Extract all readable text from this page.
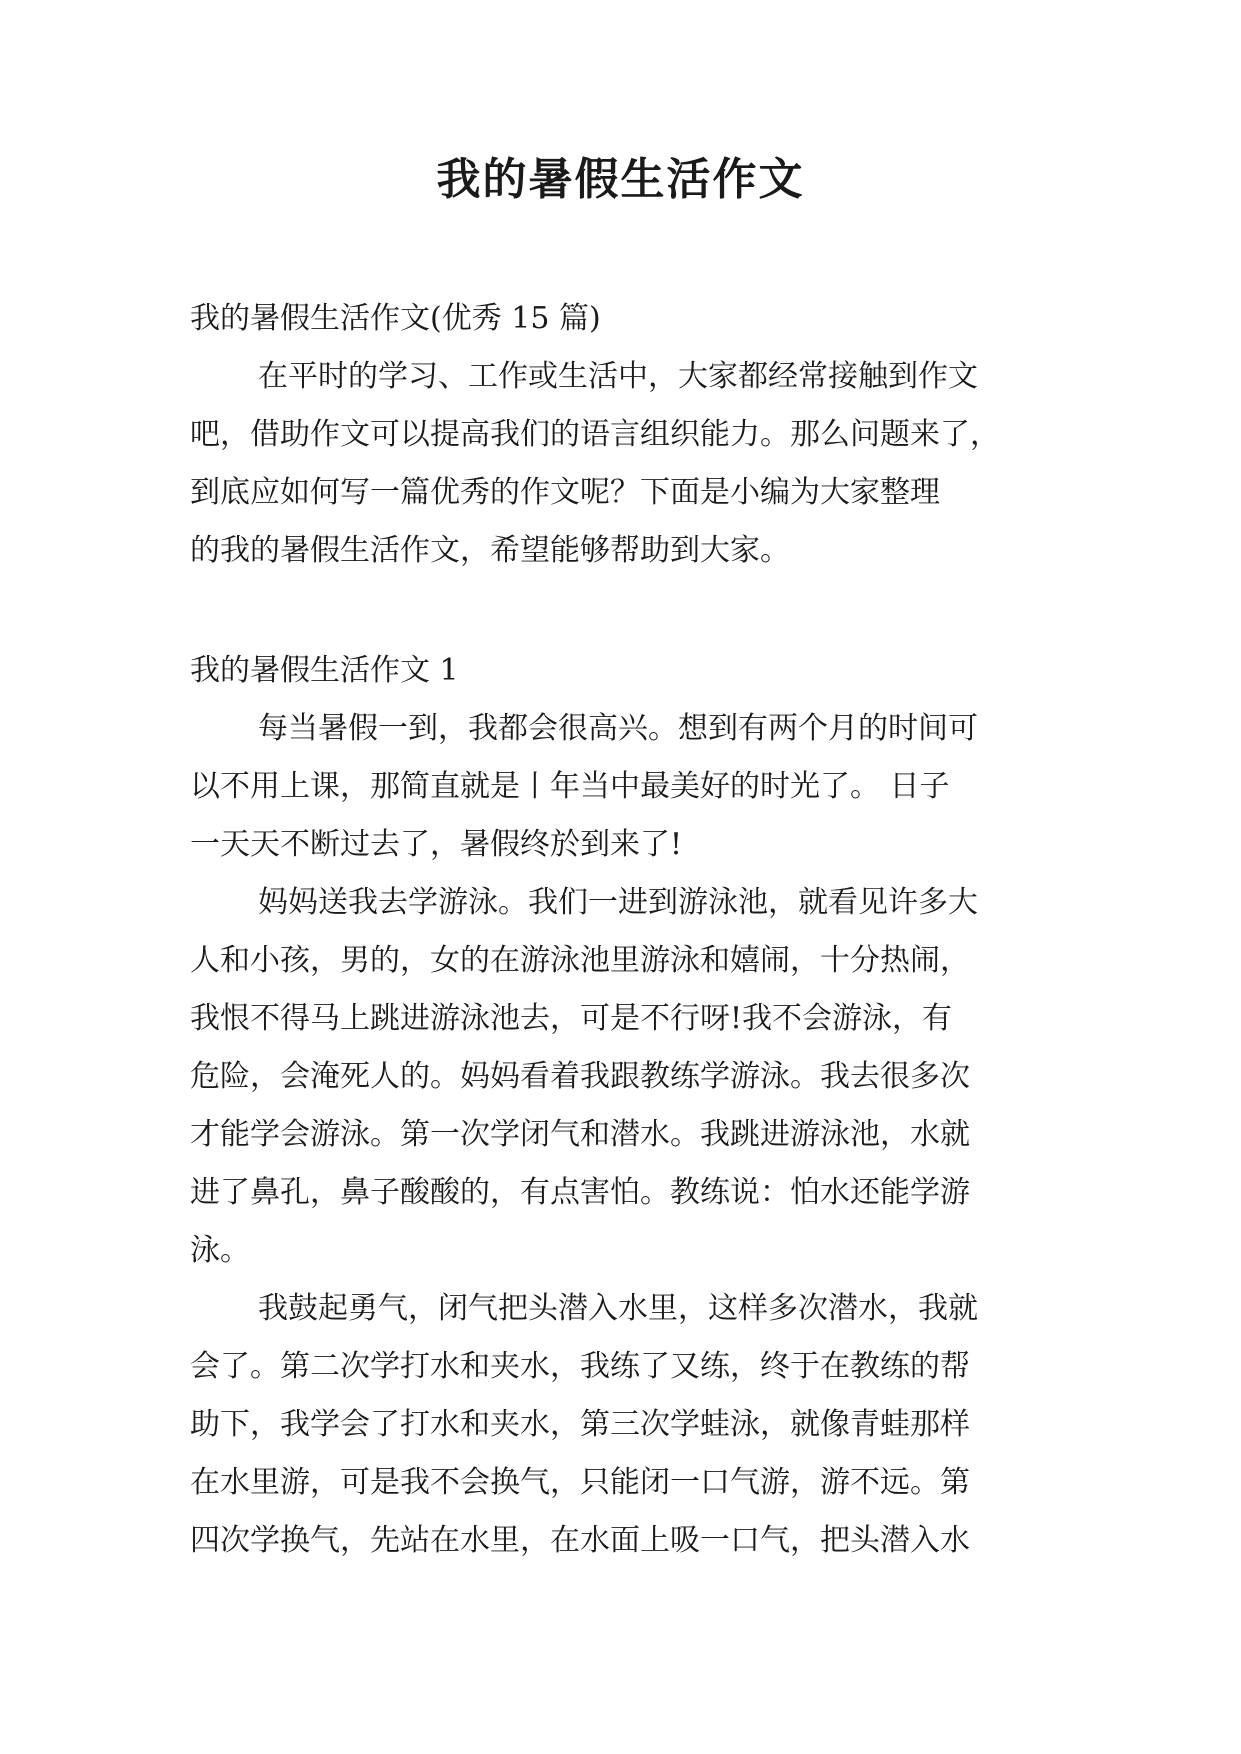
我的暑假生活作文

我的暑假生活作文(优秀 15 篇)

在平时的学习、工作或生活中，大家都经常接触到作文

吧，借助作文可以提高我们的语言组织能力。那么问题来了，

到底应如何写一篇优秀的作文呢？下面是小编为大家整理

的我的暑假生活作文，希望能够帮助到大家。

我的暑假生活作文 1

每当暑假一到，我都会很高兴。想到有两个月的时间可

以不用上课，那简直就是丨年当中最美好的时光了。 日子

一天天不断过去了，暑假终於到来了!

妈妈送我去学游泳。我们一进到游泳池，就看见许多大

人和小孩，男的，女的在游泳池里游泳和嬉闹，十分热闹，

我恨不得马上跳进游泳池去，可是不行呀!我不会游泳，有

危险，会淹死人的。妈妈看着我跟教练学游泳。我去很多次

才能学会游泳。第一次学闭气和潜水。我跳进游泳池，水就

进了鼻孔，鼻子酸酸的，有点害怕。教练说：怕水还能学游

泳。

我鼓起勇气，闭气把头潜入水里，这样多次潜水，我就

会了。第二次学打水和夹水，我练了又练，终于在教练的帮

助下，我学会了打水和夹水，第三次学蛙泳，就像青蛙那样

在水里游，可是我不会换气，只能闭一口气游，游不远。第

四次学换气，先站在水里，在水面上吸一口气，把头潜入水
